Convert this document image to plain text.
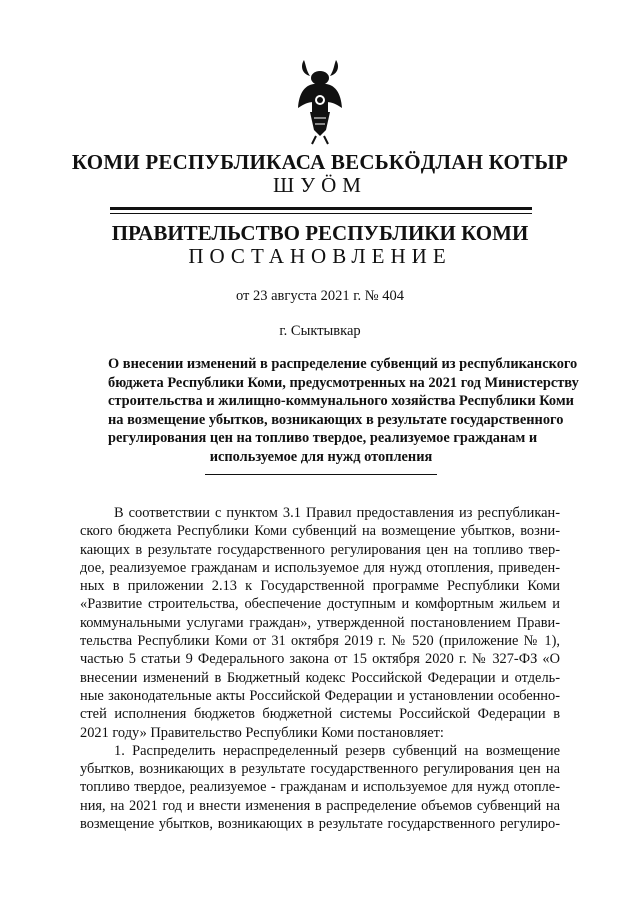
КОМИ РЕСПУБЛИКАСА ВЕСЬКӦДЛАН КОТЫР
ШУӦМ
ПРАВИТЕЛЬСТВО РЕСПУБЛИКИ КОМИ
ПОСТАНОВЛЕНИЕ
от 23 августа 2021 г. № 404
г. Сыктывкар
О внесении изменений в распределение субвенций из республиканского
бюджета Республики Коми, предусмотренных на 2021 год Министерству
строительства и жилищно-коммунального хозяйства Республики Коми
на возмещение убытков, возникающих в результате государственного
регулирования цен на топливо твердое, реализуемое гражданам и
используемое для нужд отопления
В соответствии с пунктом 3.1 Правил предоставления из республикан-
ского бюджета Республики Коми субвенций на возмещение убытков, возни-
кающих в результате государственного регулирования цен на топливо твер-
дое, реализуемое гражданам и используемое для нужд отопления, приведен-
ных в приложении 2.13 к Государственной программе Республики Коми
«Развитие строительства, обеспечение доступным и комфортным жильем и
коммунальными услугами граждан», утвержденной постановлением Прави-
тельства Республики Коми от 31 октября 2019 г. № 520 (приложение № 1),
частью 5 статьи 9 Федерального закона от 15 октября 2020 г. № 327-ФЗ «О
внесении изменений в Бюджетный кодекс Российской Федерации и отдель-
ные законодательные акты Российской Федерации и установлении особенно-
стей исполнения бюджетов бюджетной системы Российской Федерации в
2021 году» Правительство Республики Коми постановляет:
1. Распределить нераспределенный резерв субвенций на возмещение
убытков, возникающих в результате государственного регулирования цен на
топливо твердое, реализуемое - гражданам и используемое для нужд отопле-
ния, на 2021 год и внести изменения в распределение объемов субвенций на
возмещение убытков, возникающих в результате государственного регулиро-
